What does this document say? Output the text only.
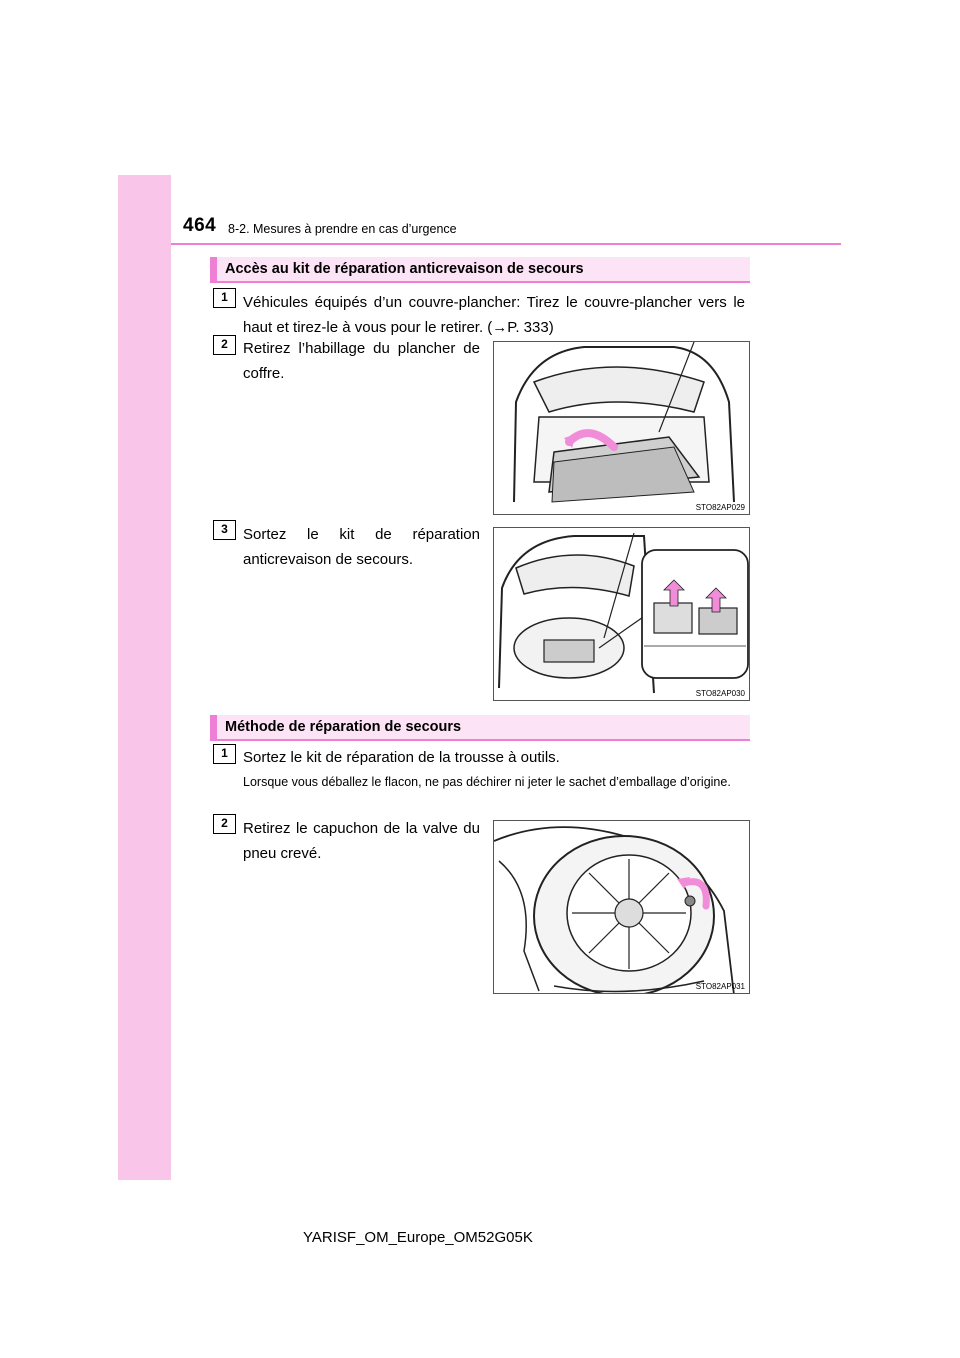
464 8-2. Mesures à prendre en cas d’urgence
Accès au kit de réparation anticrevaison de secours
1	Véhicules équipés d’un couvre-plancher: Tirez le couvre-plancher vers le haut et tirez-le à vous pour le retirer. (→P. 333)
2	Retirez l’habillage du plancher de coffre.
STO82AP029
3	Sortez le kit de réparation anticrevaison de secours.
STO82AP030
Méthode de réparation de secours
1	Sortez le kit de réparation de la trousse à outils.
Lorsque vous déballez le flacon, ne pas déchirer ni jeter le sachet d’emballage d’origine.
2	Retirez le capuchon de la valve du pneu crevé.
STO82AP031
YARISF_OM_Europe_OM52G05K
